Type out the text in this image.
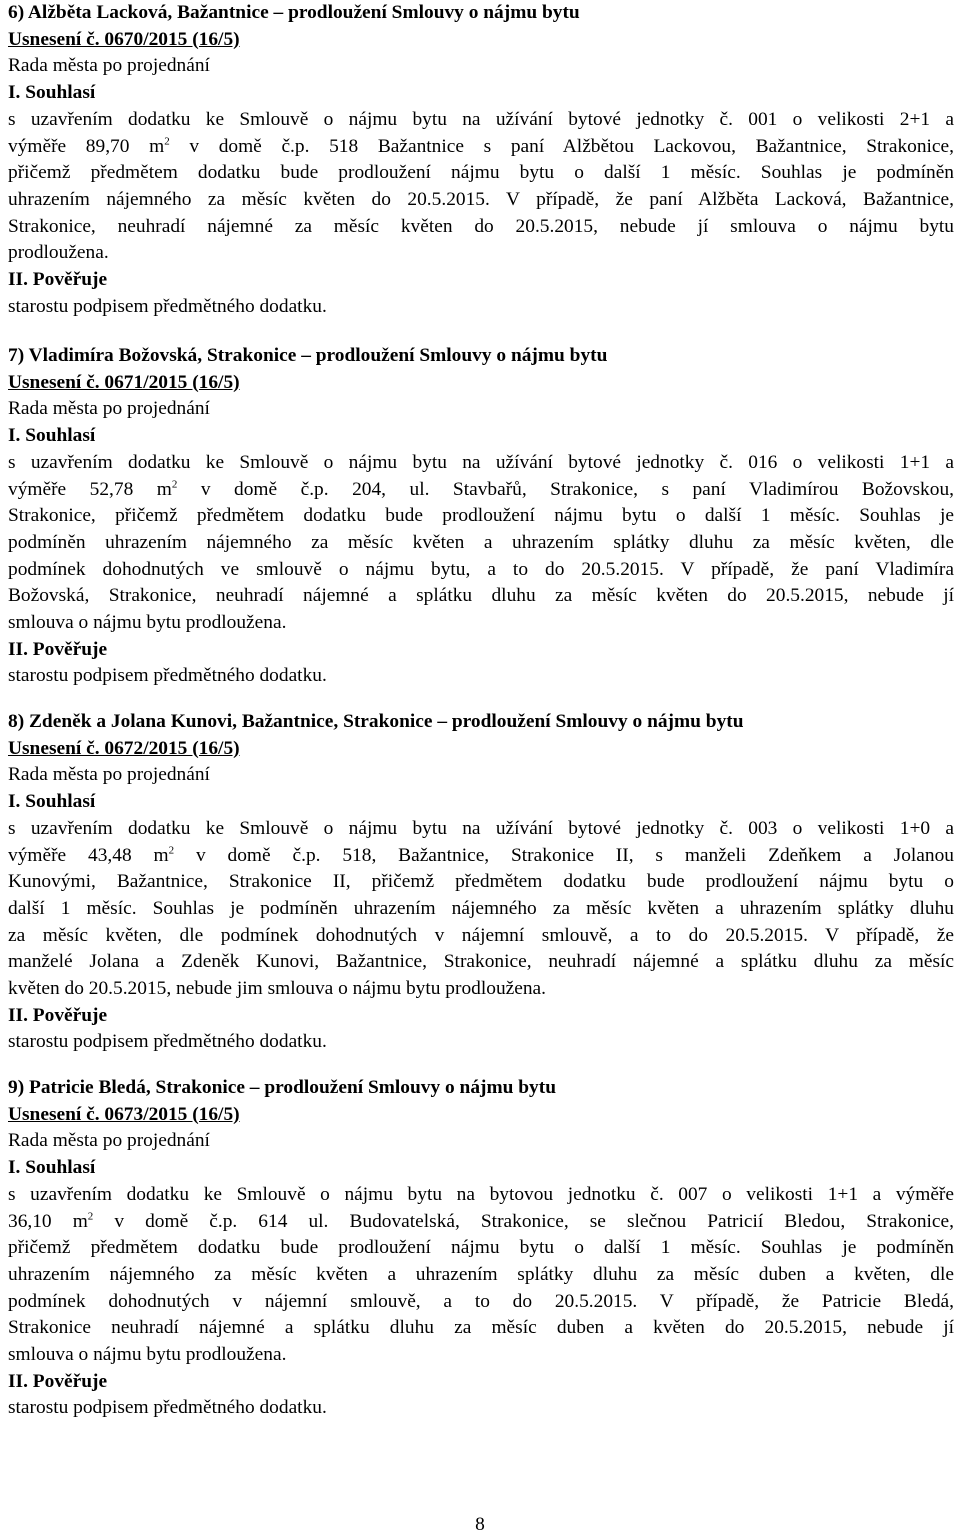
6) Alžběta Lacková, Bažantnice – prodloužení Smlouvy o nájmu bytu
Usnesení č. 0670/2015 (16/5)
Rada města po projednání
I. Souhlasí
s uzavřením dodatku ke Smlouvě o nájmu bytu na užívání bytové jednotky č. 001 o velikosti 2+1 a
výměře 89,70 $m^2$ v domě č.p. 518 Bažantnice s paní Alžbětou Lackovou, Bažantnice, Strakonice,
přičemž předmětem dodatku bude prodloužení nájmu bytu o další 1 měsíc. Souhlas je podmíněn
uhrazením nájemného za měsíc květen do 20.5.2015. V případě, že paní Alžběta Lacková, Bažantnice,
Strakonice, neuhradí nájemné za měsíc květen do 20.5.2015, nebude jí smlouva o nájmu bytu
prodloužena.
II. Pověřuje
starostu podpisem předmětného dodatku.
7) Vladimíra Božovská, Strakonice – prodloužení Smlouvy o nájmu bytu
Usnesení č. 0671/2015 (16/5)
Rada města po projednání
I. Souhlasí
s uzavřením dodatku ke Smlouvě o nájmu bytu na užívání bytové jednotky č. 016 o velikosti 1+1 a
výměře 52,78 $m^2$ v domě č.p. 204, ul. Stavbařů, Strakonice, s paní Vladimírou Božovskou,
Strakonice, přičemž předmětem dodatku bude prodloužení nájmu bytu o další 1 měsíc. Souhlas je
podmíněn uhrazením nájemného za měsíc květen a uhrazením splátky dluhu za měsíc květen, dle
podmínek dohodnutých ve smlouvě o nájmu bytu, a to do 20.5.2015. V případě, že paní Vladimíra
Božovská, Strakonice, neuhradí nájemné a splátku dluhu za měsíc květen do 20.5.2015, nebude jí
smlouva o nájmu bytu prodloužena.
II. Pověřuje
starostu podpisem předmětného dodatku.
8) Zdeněk a Jolana Kunovi, Bažantnice, Strakonice – prodloužení Smlouvy o nájmu bytu
Usnesení č. 0672/2015 (16/5)
Rada města po projednání
I. Souhlasí
s uzavřením dodatku ke Smlouvě o nájmu bytu na užívání bytové jednotky č. 003 o velikosti 1+0 a
výměře 43,48 $m^2$ v domě č.p. 518, Bažantnice, Strakonice II, s manželi Zdeňkem a Jolanou
Kunovými, Bažantnice, Strakonice II, přičemž předmětem dodatku bude prodloužení nájmu bytu o
další 1 měsíc. Souhlas je podmíněn uhrazením nájemného za měsíc květen a uhrazením splátky dluhu
za měsíc květen, dle podmínek dohodnutých v nájemní smlouvě, a to do 20.5.2015. V případě, že
manželé Jolana a Zdeněk Kunovi, Bažantnice, Strakonice, neuhradí nájemné a splátku dluhu za měsíc
květen do 20.5.2015, nebude jim smlouva o nájmu bytu prodloužena.
II. Pověřuje
starostu podpisem předmětného dodatku.
9) Patricie Bledá, Strakonice – prodloužení Smlouvy o nájmu bytu
Usnesení č. 0673/2015 (16/5)
Rada města po projednání
I. Souhlasí
s uzavřením dodatku ke Smlouvě o nájmu bytu na bytovou jednotku č. 007 o velikosti 1+1 a výměře
36,10 $m^2$ v domě č.p. 614 ul. Budovatelská, Strakonice, se slečnou Patricií Bledou, Strakonice,
přičemž předmětem dodatku bude prodloužení nájmu bytu o další 1 měsíc. Souhlas je podmíněn
uhrazením nájemného za měsíc květen a uhrazením splátky dluhu za měsíc duben a květen, dle
podmínek dohodnutých v nájemní smlouvě, a to do 20.5.2015. V případě, že Patricie Bledá,
Strakonice neuhradí nájemné a splátku dluhu za měsíc duben a květen do 20.5.2015, nebude jí
smlouva o nájmu bytu prodloužena.
II. Pověřuje
starostu podpisem předmětného dodatku.
8
